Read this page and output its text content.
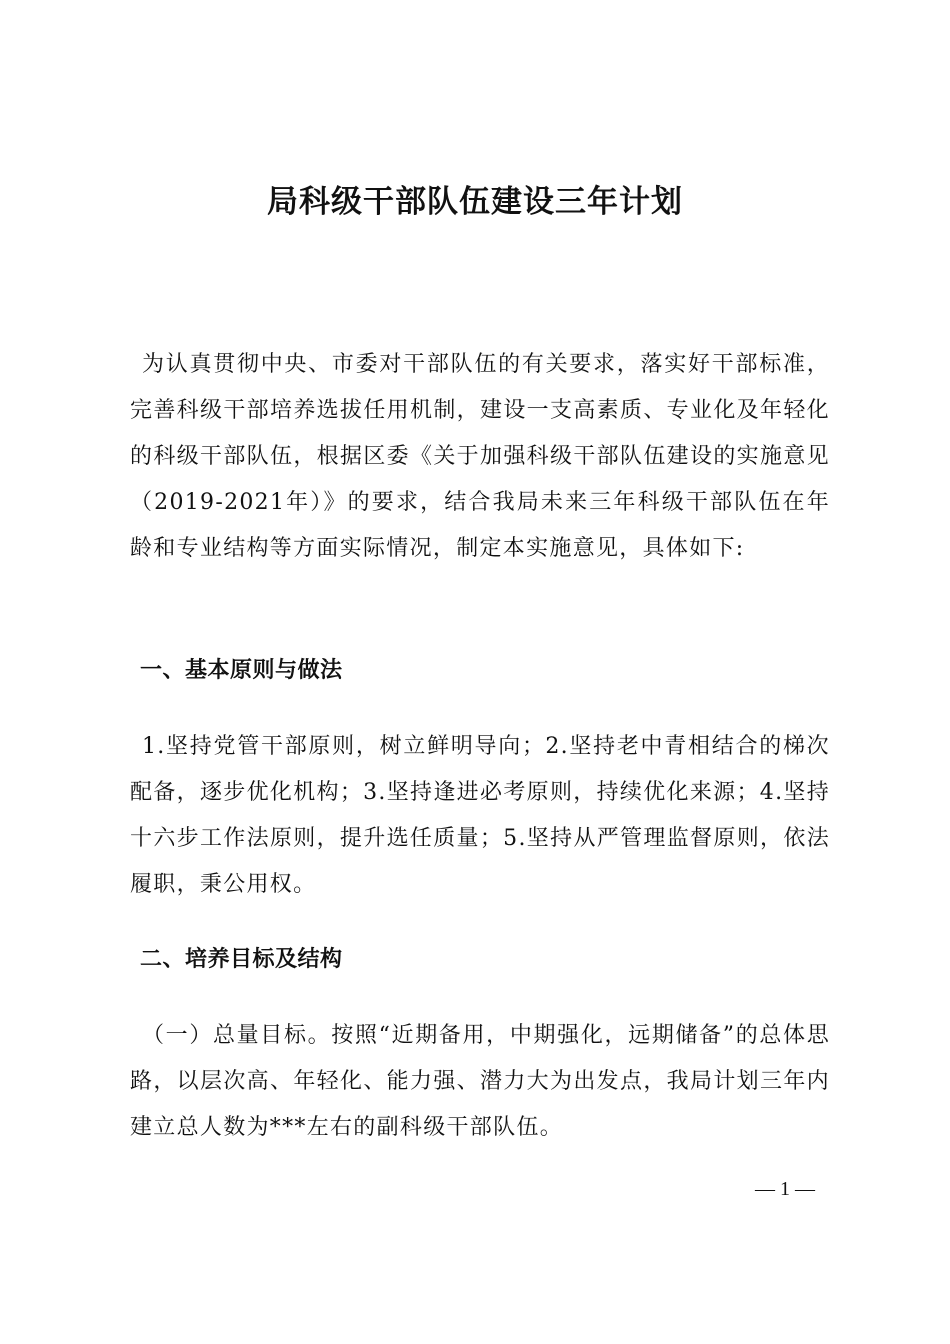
局科级干部队伍建设三年计划

为认真贯彻中央、市委对干部队伍的有关要求，落实好干部标准，完善科级干部培养选拔任用机制，建设一支高素质、专业化及年轻化的科级干部队伍，根据区委《关于加强科级干部队伍建设的实施意见（2019-2021年）》的要求，结合我局未来三年科级干部队伍在年龄和专业结构等方面实际情况，制定本实施意见，具体如下:

一、基本原则与做法

1.坚持党管干部原则，树立鲜明导向；2.坚持老中青相结合的梯次配备，逐步优化机构；3.坚持逢进必考原则，持续优化来源；4.坚持十六步工作法原则，提升选任质量；5.坚持从严管理监督原则，依法履职，秉公用权。

二、培养目标及结构

（一）总量目标。按照“近期备用，中期强化，远期储备”的总体思路，以层次高、年轻化、能力强、潜力大为出发点，我局计划三年内建立总人数为***左右的副科级干部队伍。

— 1 —
